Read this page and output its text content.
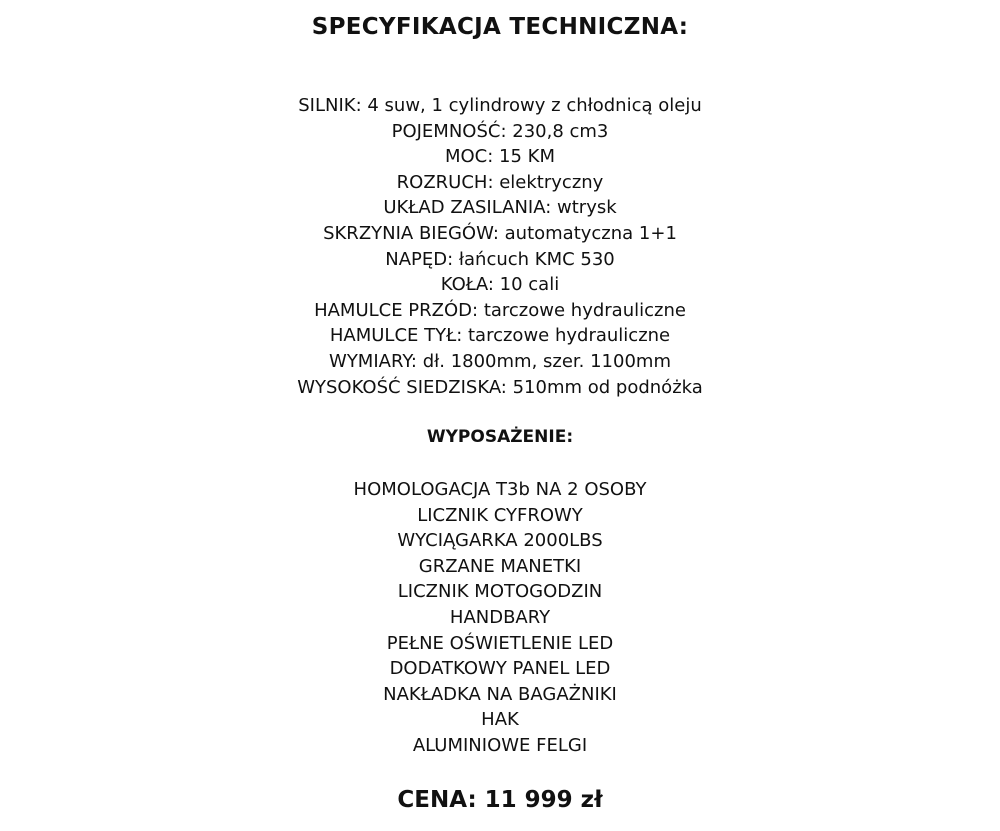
SPECYFIKACJA TECHNICZNA:
SILNIK: 4 suw, 1 cylindrowy z chłodnicą oleju
POJEMNOŚĆ: 230,8 cm3
MOC: 15 KM
ROZRUCH: elektryczny
UKŁAD ZASILANIA: wtrysk
SKRZYNIA BIEGÓW: automatyczna 1+1
NAPĘD: łańcuch KMC 530
KOŁA: 10 cali
HAMULCE PRZÓD: tarczowe hydrauliczne
HAMULCE TYŁ: tarczowe hydrauliczne
WYMIARY: dł. 1800mm, szer. 1100mm
WYSOKOŚĆ SIEDZISKA: 510mm od podnóżka
WYPOSAŻENIE:
HOMOLOGACJA T3b NA 2 OSOBY
LICZNIK CYFROWY
WYCIĄGARKA 2000LBS
GRZANE MANETKI
LICZNIK MOTOGODZIN
HANDBARY
PEŁNE OŚWIETLENIE LED
DODATKOWY PANEL LED
NAKŁADKA NA BAGAŻNIKI
HAK
ALUMINIOWE FELGI
CENA: 11 999 zł
